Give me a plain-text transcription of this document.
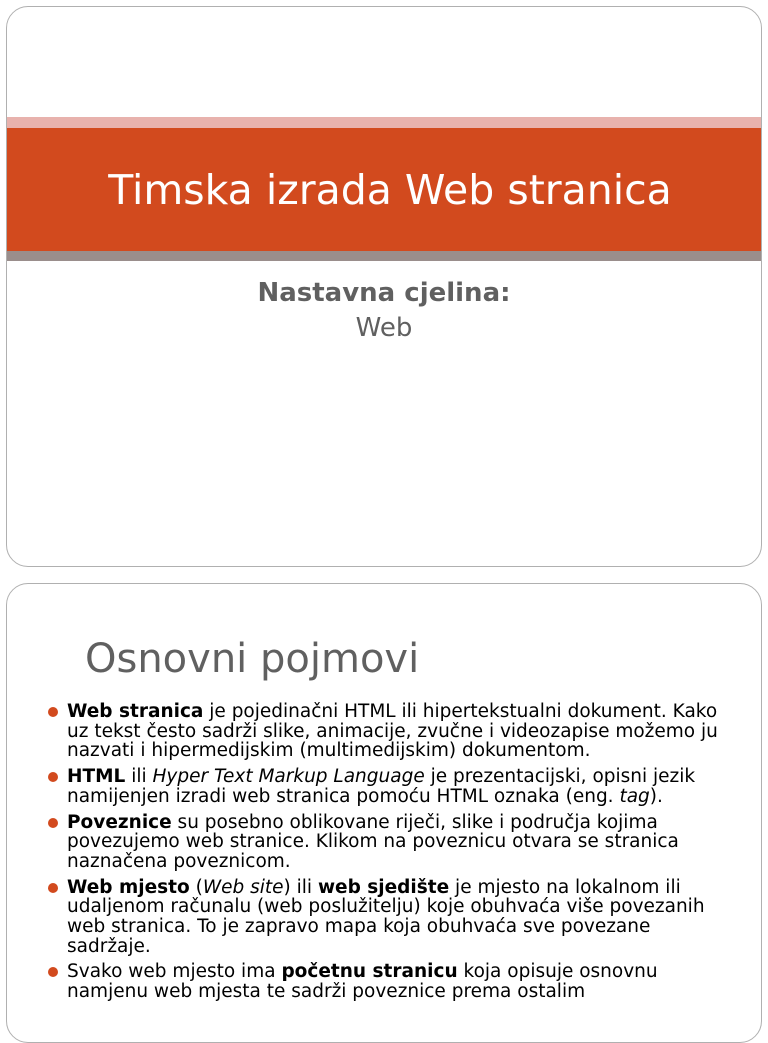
Timska izrada Web stranica
Nastavna cjelina:
Web
Osnovni pojmovi
Web stranica je pojedinačni HTML ili hipertekstualni dokument. Kako uz tekst često sadrži slike, animacije, zvučne i videozapise možemo ju nazvati i hipermedijskim (multimedijskim) dokumentom.
HTML ili Hyper Text Markup Language je prezentacijski, opisni jezik namijenjen izradi web stranica pomoću HTML oznaka (eng. tag).
Poveznice su posebno oblikovane riječi, slike i područja kojima povezujemo web stranice. Klikom na poveznicu otvara se stranica naznačena poveznicom.
Web mjesto (Web site) ili web sjedište je mjesto na lokalnom ili udaljenom računalu (web poslužitelju) koje obuhvaća više povezanih web stranica. To je zapravo mapa koja obuhvaća sve povezane sadržaje.
Svako web mjesto ima početnu stranicu koja opisuje osnovnu namjenu web mjesta te sadrži poveznice prema ostalim
